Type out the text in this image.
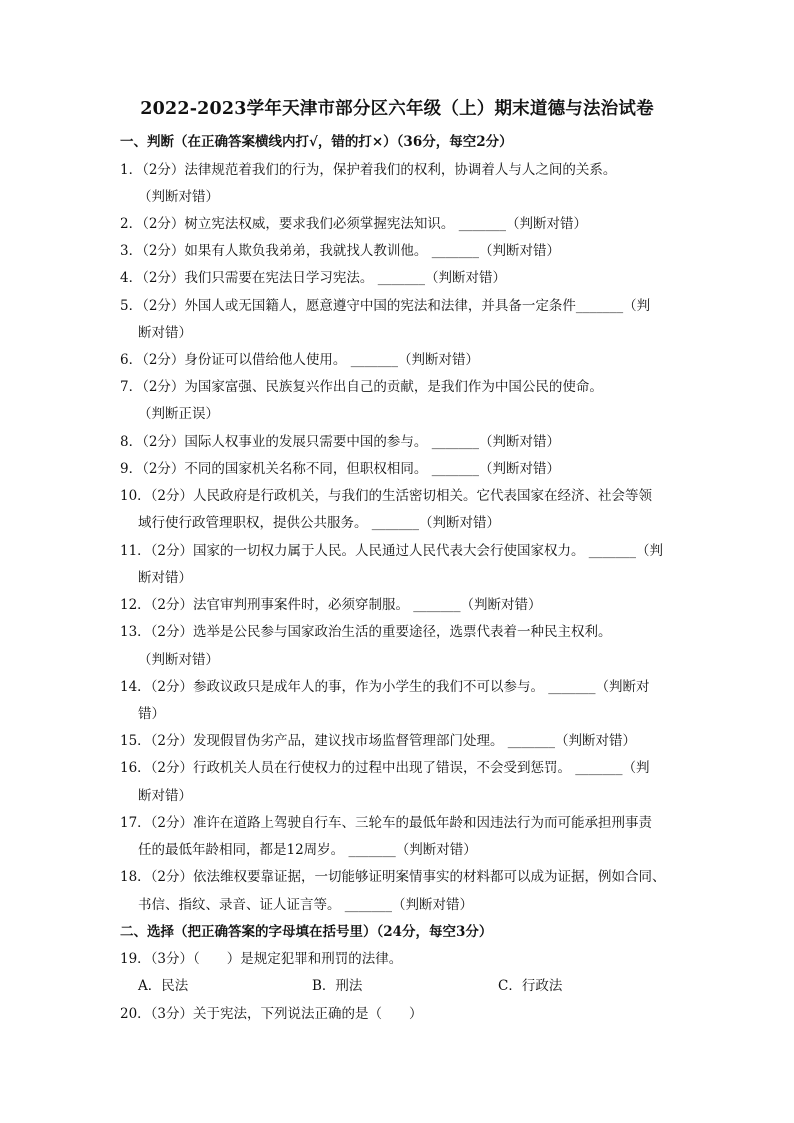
2022-2023学年天津市部分区六年级（上）期末道德与法治试卷
一、判断（在正确答案横线内打√，错的打×）（36分，每空2分）
1．（2分）法律规范着我们的行为，保护着我们的权利，协调着人与人之间的关系。
（判断对错）
2．（2分）树立宪法权威，要求我们必须掌握宪法知识。 _______（判断对错）
3．（2分）如果有人欺负我弟弟，我就找人教训他。 _______（判断对错）
4．（2分）我们只需要在宪法日学习宪法。 _______（判断对错）
5．（2分）外国人或无国籍人，愿意遵守中国的宪法和法律，并具备一定条件_______（判
断对错）
6．（2分）身份证可以借给他人使用。 _______（判断对错）
7．（2分）为国家富强、民族复兴作出自己的贡献，是我们作为中国公民的使命。
（判断正误）
8．（2分）国际人权事业的发展只需要中国的参与。 _______（判断对错）
9．（2分）不同的国家机关名称不同，但职权相同。 _______（判断对错）
10．（2分）人民政府是行政机关，与我们的生活密切相关。它代表国家在经济、社会等领
域行使行政管理职权，提供公共服务。 _______（判断对错）
11．（2分）国家的一切权力属于人民。人民通过人民代表大会行使国家权力。 _______（判
断对错）
12．（2分）法官审判刑事案件时，必须穿制服。 _______（判断对错）
13．（2分）选举是公民参与国家政治生活的重要途径，选票代表着一种民主权利。
（判断对错）
14．（2分）参政议政只是成年人的事，作为小学生的我们不可以参与。 _______（判断对
错）
15．（2分）发现假冒伪劣产品，建议找市场监督管理部门处理。 _______（判断对错）
16．（2分）行政机关人员在行使权力的过程中出现了错误，不会受到惩罚。 _______（判
断对错）
17．（2分）准许在道路上驾驶自行车、三轮车的最低年龄和因违法行为而可能承担刑事责
任的最低年龄相同，都是12周岁。 _______（判断对错）
18．（2分）依法维权要靠证据，一切能够证明案情事实的材料都可以成为证据，例如合同、
书信、指纹、录音、证人证言等。 _______（判断对错）
二、选择（把正确答案的字母填在括号里）（24分，每空3分）
19．（3分）（　　）是规定犯罪和刑罚的法律。
A．民法	B．刑法	C．行政法
20．（3分）关于宪法，下列说法正确的是（　　）
